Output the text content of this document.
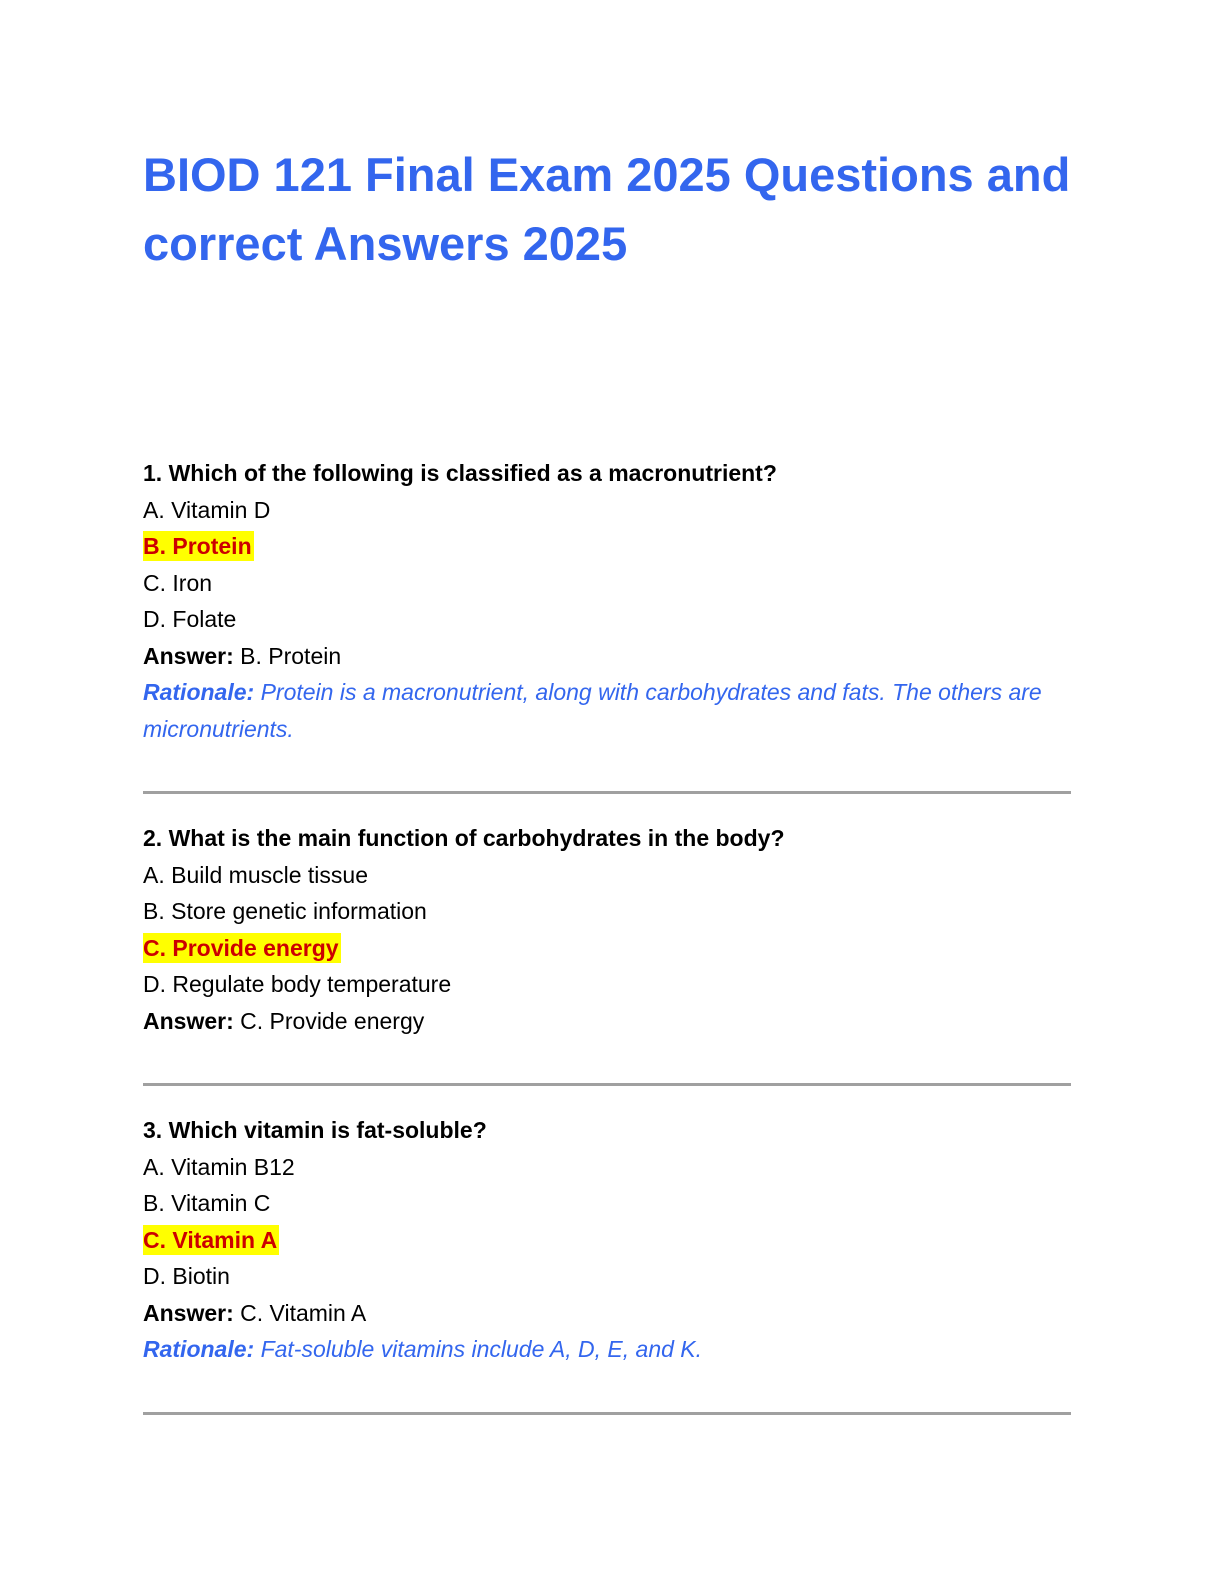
BIOD 121 Final Exam 2025 Questions and correct Answers 2025
1. Which of the following is classified as a macronutrient?
A. Vitamin D
B. Protein
C. Iron
D. Folate
Answer: B. Protein
Rationale: Protein is a macronutrient, along with carbohydrates and fats. The others are micronutrients.
2. What is the main function of carbohydrates in the body?
A. Build muscle tissue
B. Store genetic information
C. Provide energy
D. Regulate body temperature
Answer: C. Provide energy
3. Which vitamin is fat-soluble?
A. Vitamin B12
B. Vitamin C
C. Vitamin A
D. Biotin
Answer: C. Vitamin A
Rationale: Fat-soluble vitamins include A, D, E, and K.
